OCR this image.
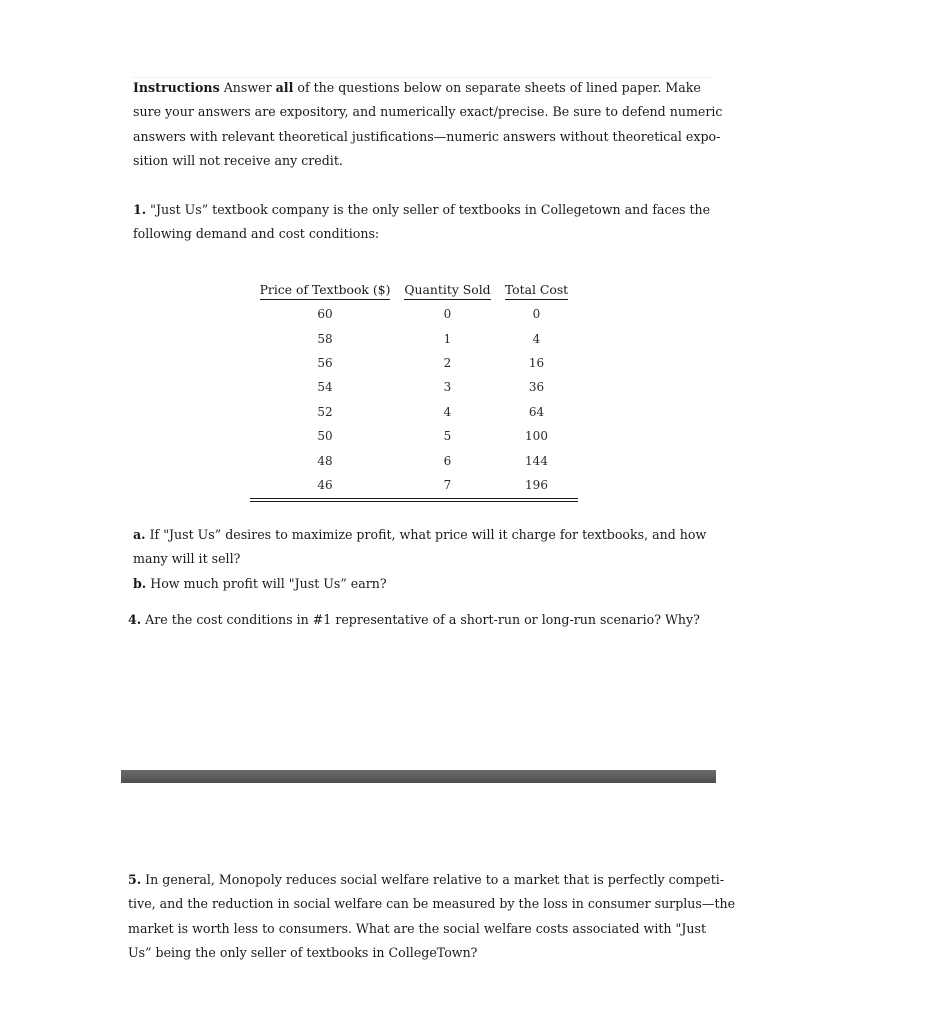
Instructions Answer all of the questions below on separate sheets of lined paper. Make
sure your answers are expository, and numerically exact/precise. Be sure to defend numeric
answers with relevant theoretical justifications—numeric answers without theoretical expo-
sition will not receive any credit.
1. "Just Us” textbook company is the only seller of textbooks in Collegetown and faces the
following demand and cost conditions:
Price of Textbook ($)	Quantity Sold	Total Cost
60	0	0
58	1	4
56	2	16
54	3	36
52	4	64
50	5	100
48	6	144
46	7	196
a. If "Just Us” desires to maximize profit, what price will it charge for textbooks, and how
many will it sell?
b. How much profit will "Just Us” earn?
4. Are the cost conditions in #1 representative of a short-run or long-run scenario? Why?
5. In general, Monopoly reduces social welfare relative to a market that is perfectly competi-
tive, and the reduction in social welfare can be measured by the loss in consumer surplus—the
market is worth less to consumers. What are the social welfare costs associated with "Just
Us” being the only seller of textbooks in CollegeTown?
